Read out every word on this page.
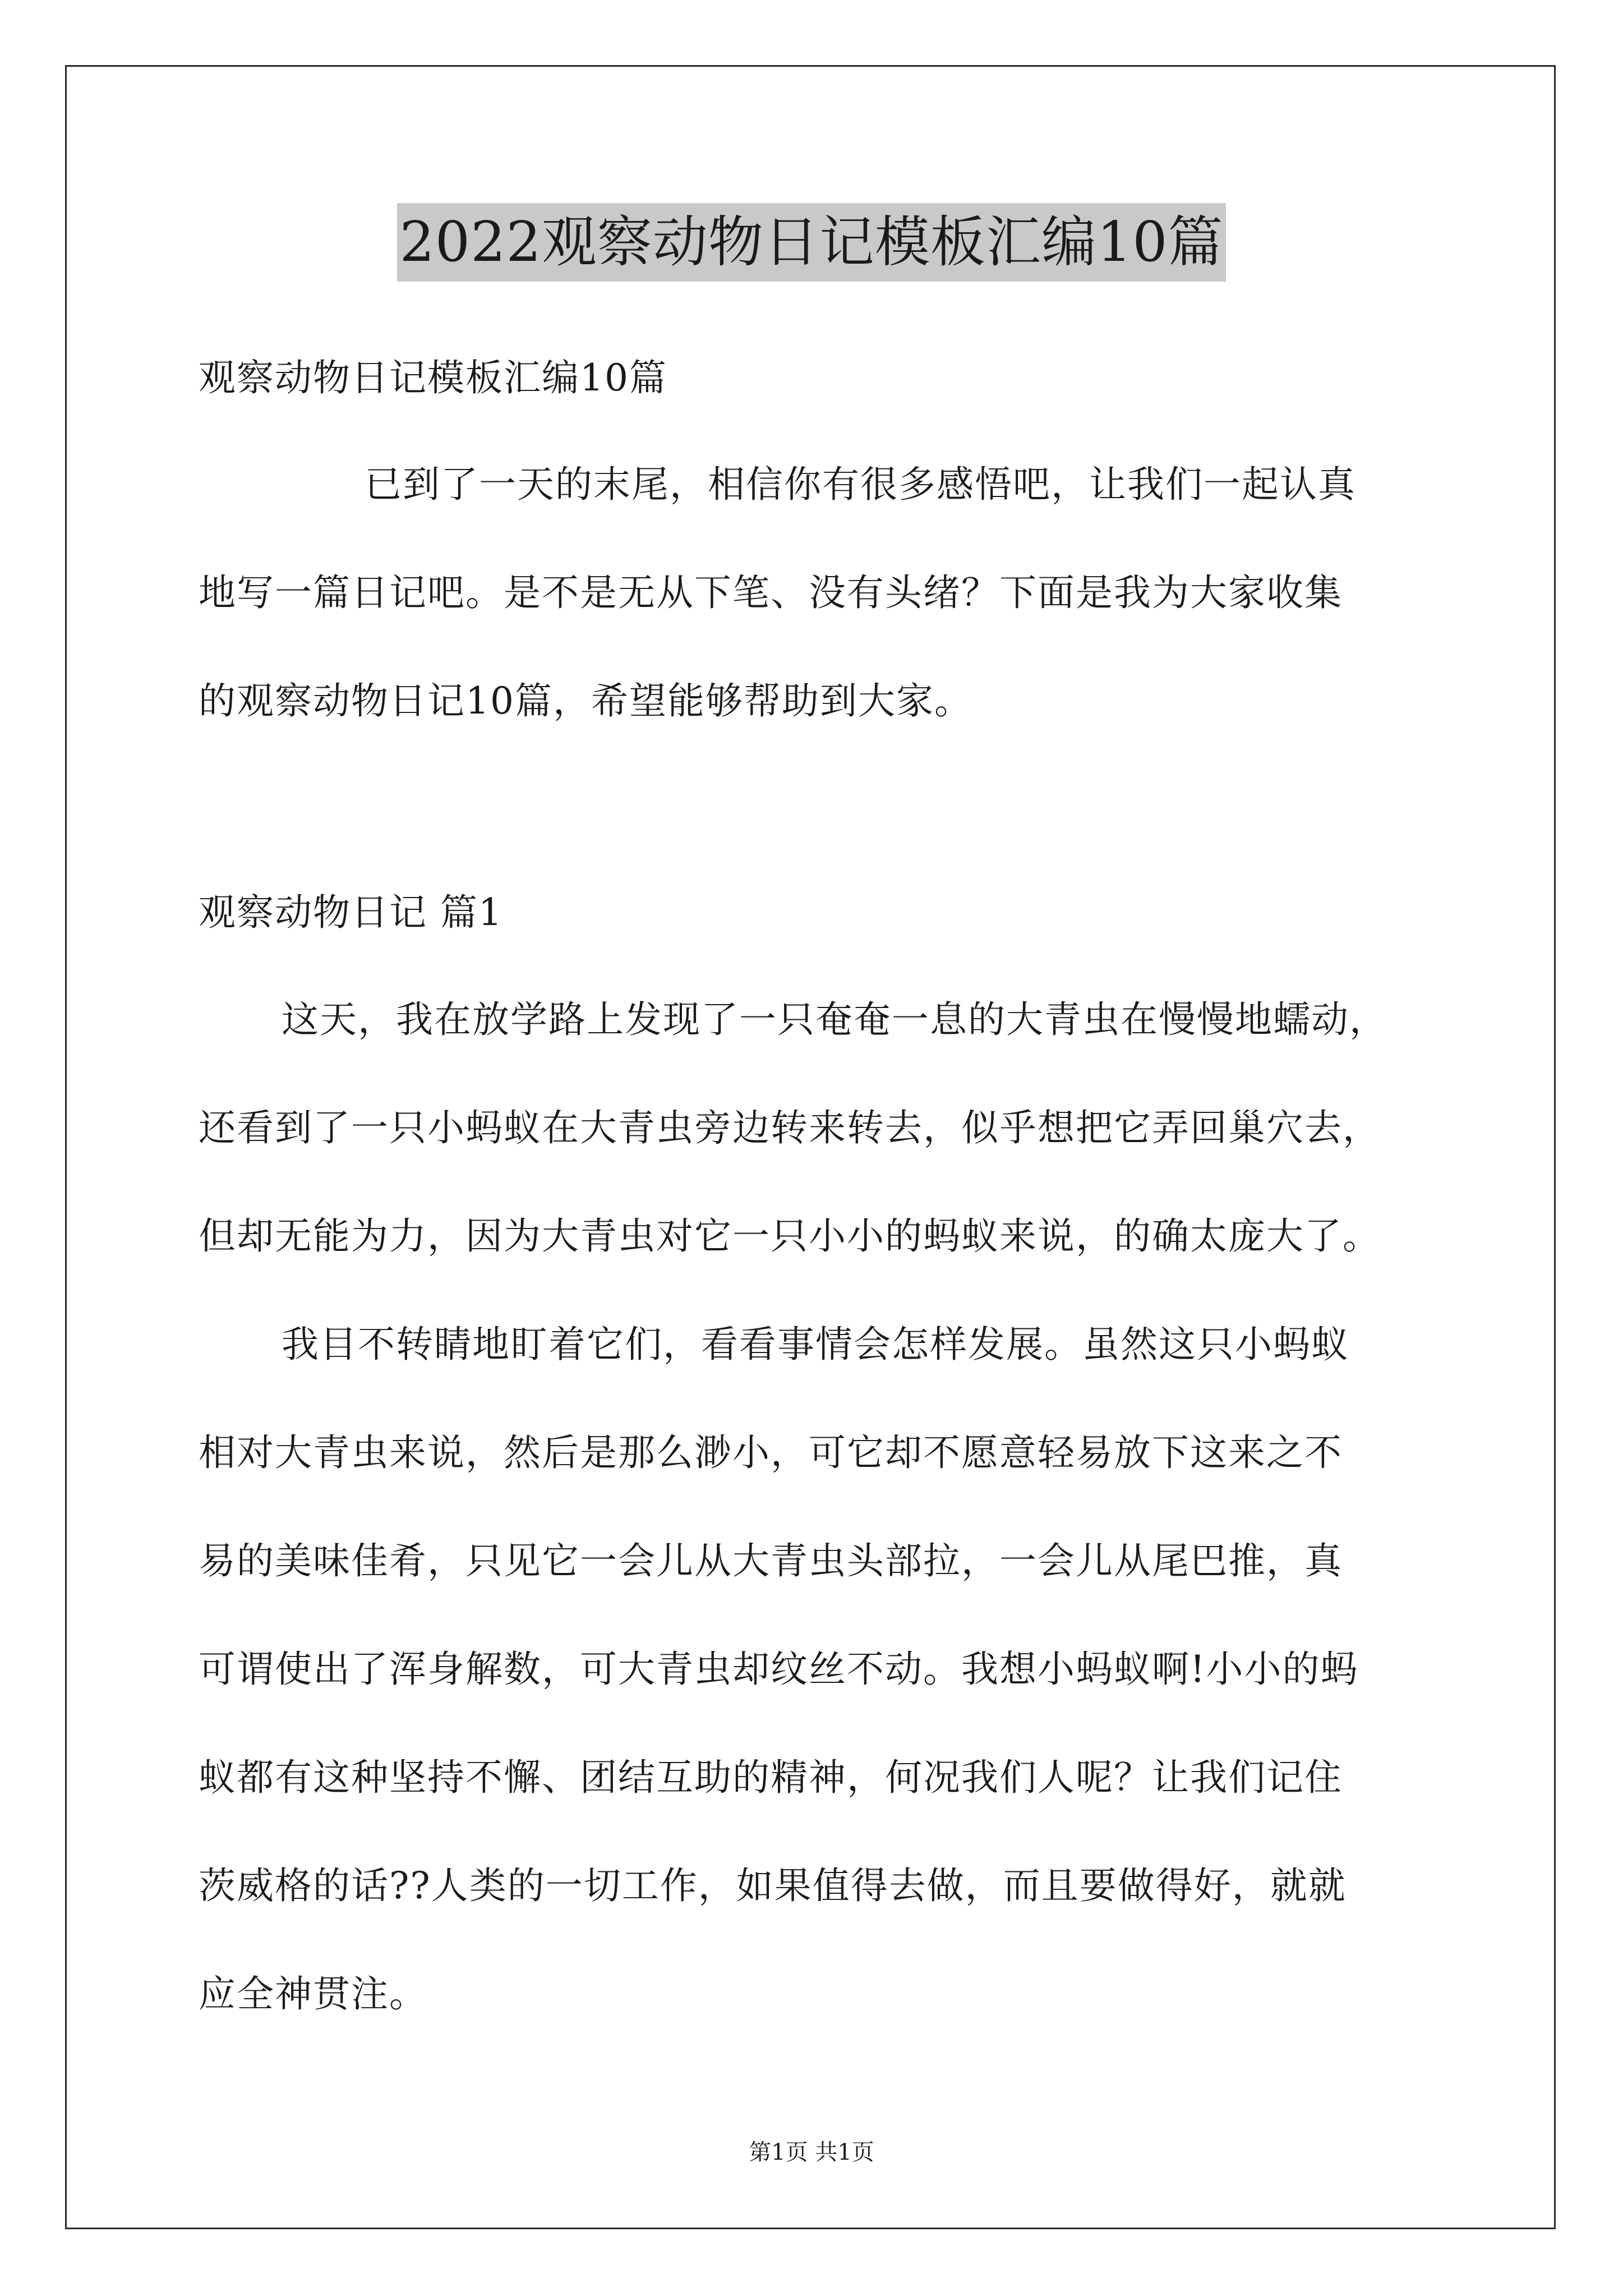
2022观察动物日记模板汇编10篇
观察动物日记模板汇编10篇
已到了一天的末尾，相信你有很多感悟吧，让我们一起认真
地写一篇日记吧。是不是无从下笔、没有头绪？下面是我为大家收集
的观察动物日记10篇，希望能够帮助到大家。
观察动物日记 篇1
这天，我在放学路上发现了一只奄奄一息的大青虫在慢慢地蠕动，
还看到了一只小蚂蚁在大青虫旁边转来转去，似乎想把它弄回巢穴去，
但却无能为力，因为大青虫对它一只小小的蚂蚁来说，的确太庞大了。
我目不转睛地盯着它们，看看事情会怎样发展。虽然这只小蚂蚁
相对大青虫来说，然后是那么渺小，可它却不愿意轻易放下这来之不
易的美味佳肴，只见它一会儿从大青虫头部拉，一会儿从尾巴推，真
可谓使出了浑身解数，可大青虫却纹丝不动。我想小蚂蚁啊!小小的蚂
蚁都有这种坚持不懈、团结互助的精神，何况我们人呢？让我们记住
茨威格的话??人类的一切工作，如果值得去做，而且要做得好，就就
应全神贯注。
第1页 共1页
